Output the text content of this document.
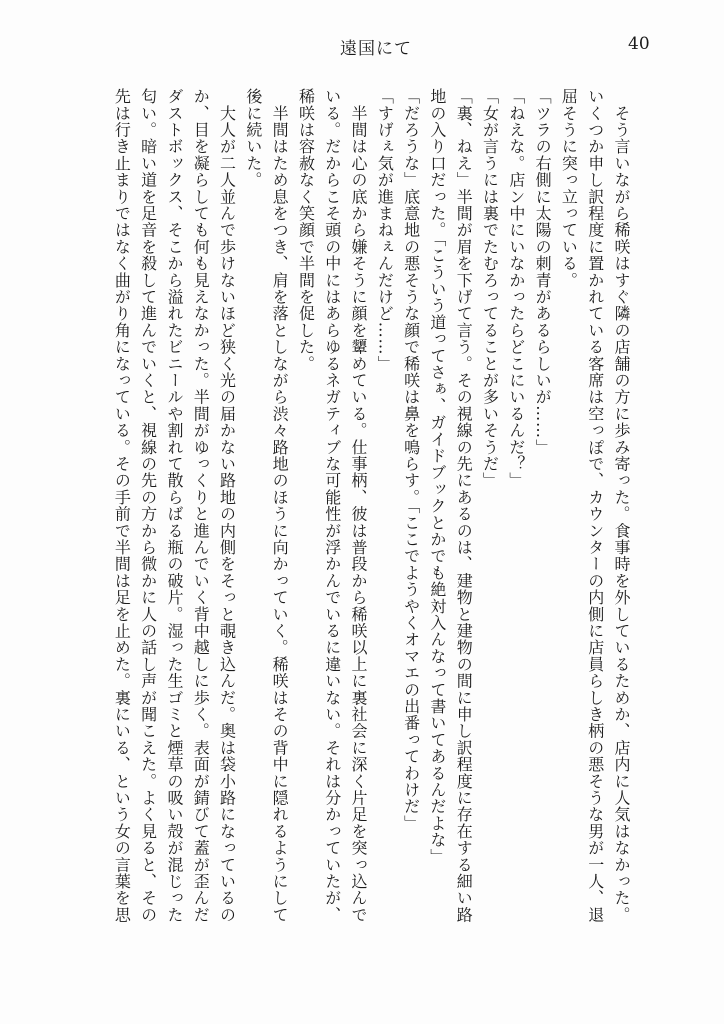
遠国にて	40
　そう言いながら稀咲はすぐ隣の店舗の方に歩み寄った。食事時を外しているためか、店内に人気はなかった。
いくつか申し訳程度に置かれている客席は空っぽで、カウンターの内側に店員らしき柄の悪そうな男が一人、退
屈そうに突っ立っている。
「ツラの右側に太陽の刺青があるらしいが……」
「ねえな。店ン中にいなかったらどこにいるんだ？」
「女が言うには裏でたむろってることが多いそうだ」
「裏、ねえ」半間が眉を下げて言う。その視線の先にあるのは、建物と建物の間に申し訳程度に存在する細い路
地の入り口だった。「こういう道ってさぁ、ガイドブックとかでも絶対入んなって書いてあるんだよな」
「だろうな」底意地の悪そうな顔で稀咲は鼻を鳴らす。「ここでようやくオマエの出番ってわけだ」
「すげぇ気が進まねぇんだけど……」
　半間は心の底から嫌そうに顔を顰めている。仕事柄、彼は普段から稀咲以上に裏社会に深く片足を突っ込んで
いる。だからこそ頭の中にはあらゆるネガティブな可能性が浮かんでいるに違いない。それは分かっていたが、
稀咲は容赦なく笑顔で半間を促した。
　半間はため息をつき、肩を落としながら渋々路地のほうに向かっていく。稀咲はその背中に隠れるようにして
後に続いた。
　大人が二人並んで歩けないほど狭く光の届かない路地の内側をそっと覗き込んだ。奥は袋小路になっているの
か、目を凝らしても何も見えなかった。半間がゆっくりと進んでいく背中越しに歩く。表面が錆びて蓋が歪んだ
ダストボックス、そこから溢れたビニールや割れて散らばる瓶の破片。湿った生ゴミと煙草の吸い殻が混じった
匂い。暗い道を足音を殺して進んでいくと、視線の先の方から微かに人の話し声が聞こえた。よく見ると、その
先は行き止まりではなく曲がり角になっている。その手前で半間は足を止めた。裏にいる、という女の言葉を思
